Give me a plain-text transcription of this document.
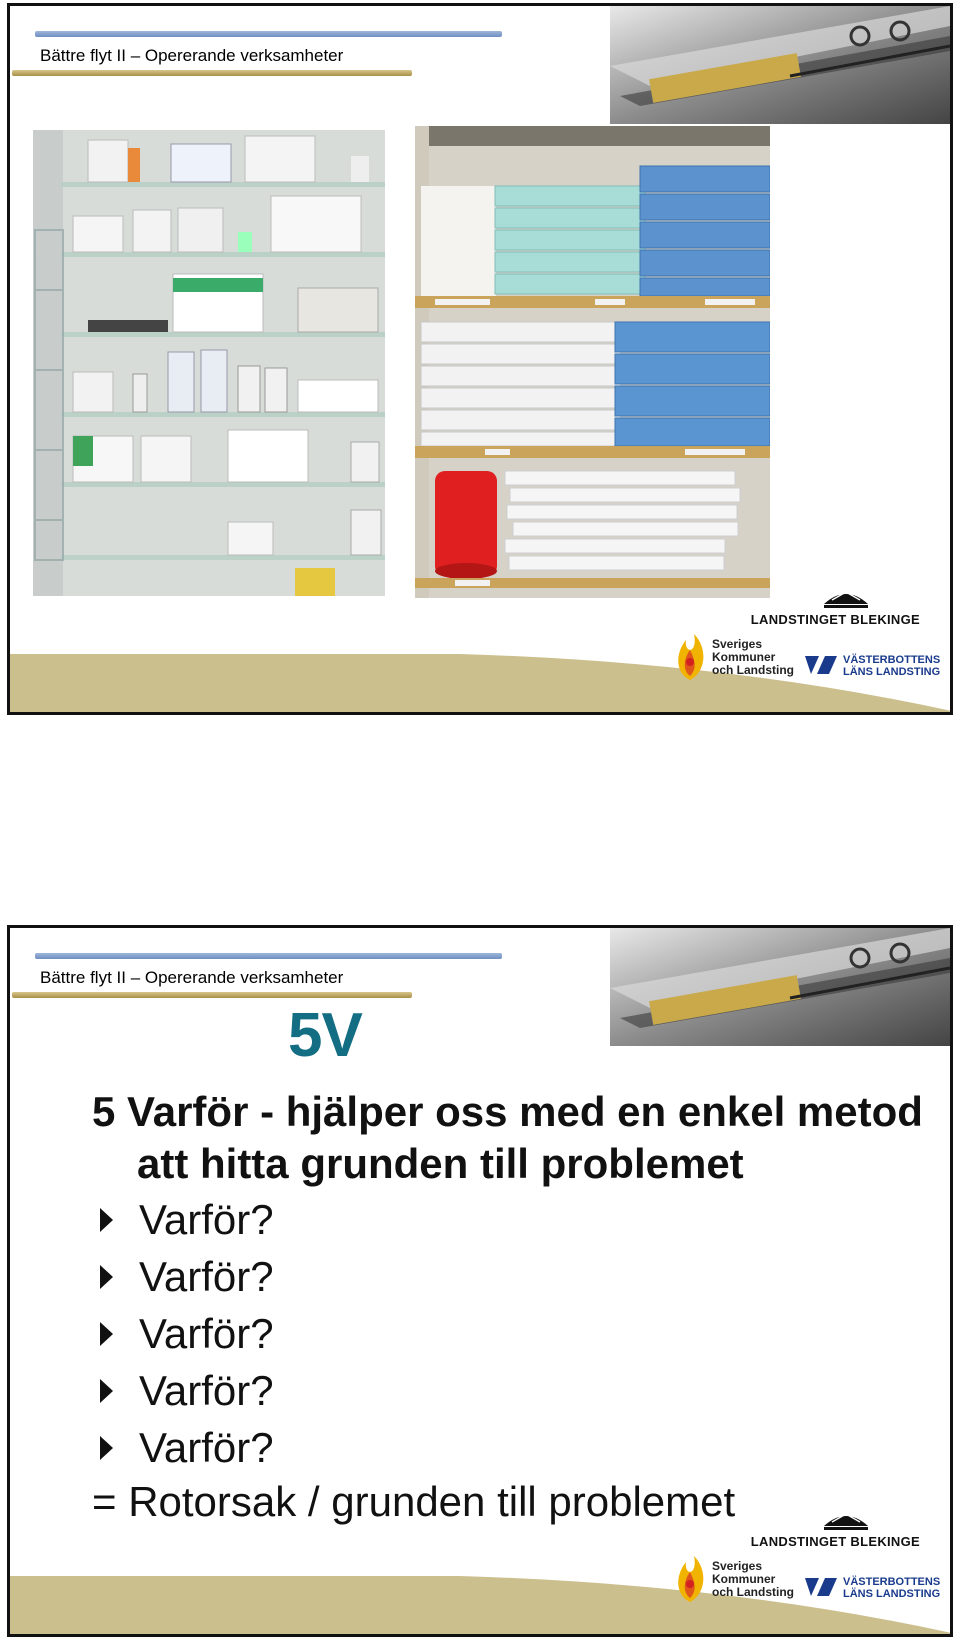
Bättre flyt II – Opererande verksamheter
LANDSTINGET BLEKINGE
Sveriges
Kommuner
och Landsting
VÄSTERBOTTENS
LÄNS LANDSTING
Bättre flyt II – Opererande verksamheter
5V
5 Varför - hjälper oss med en enkel metod
att hitta grunden till problemet
Varför?
Varför?
Varför?
Varför?
Varför?
= Rotorsak / grunden till problemet
LANDSTINGET BLEKINGE
Sveriges
Kommuner
och Landsting
VÄSTERBOTTENS
LÄNS LANDSTING
